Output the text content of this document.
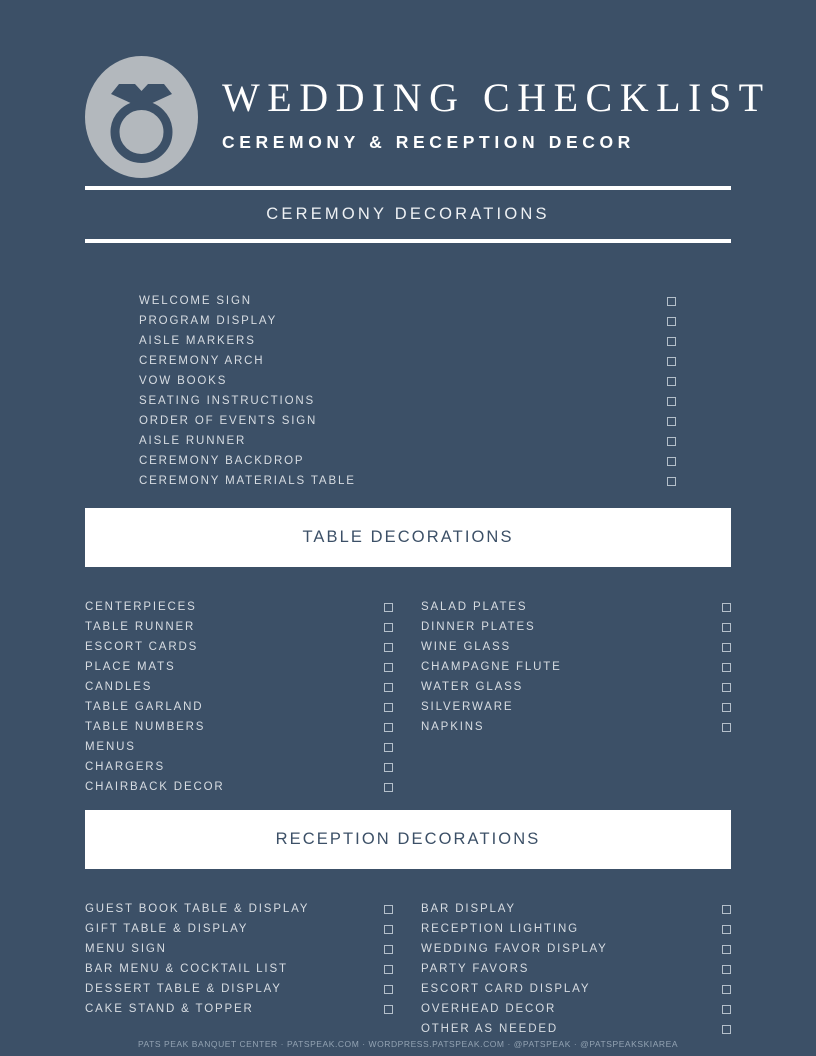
WEDDING CHECKLIST
CEREMONY & RECEPTION DECOR
CEREMONY DECORATIONS
WELCOME SIGN
PROGRAM DISPLAY
AISLE MARKERS
CEREMONY ARCH
VOW BOOKS
SEATING INSTRUCTIONS
ORDER OF EVENTS SIGN
AISLE RUNNER
CEREMONY BACKDROP
CEREMONY MATERIALS TABLE
TABLE DECORATIONS
CENTERPIECES
TABLE RUNNER
ESCORT CARDS
PLACE MATS
CANDLES
TABLE GARLAND
TABLE NUMBERS
MENUS
CHARGERS
CHAIRBACK DECOR
SALAD PLATES
DINNER PLATES
WINE GLASS
CHAMPAGNE FLUTE
WATER GLASS
SILVERWARE
NAPKINS
RECEPTION DECORATIONS
GUEST BOOK TABLE & DISPLAY
GIFT TABLE & DISPLAY
MENU SIGN
BAR MENU & COCKTAIL LIST
DESSERT TABLE & DISPLAY
CAKE STAND & TOPPER
BAR DISPLAY
RECEPTION LIGHTING
WEDDING FAVOR DISPLAY
PARTY FAVORS
ESCORT CARD DISPLAY
OVERHEAD DECOR
OTHER AS NEEDED
PATS PEAK BANQUET CENTER · PATSPEAK.COM · WORDPRESS.PATSPEAK.COM · @PATSPEAK · @PATSPEAKSKIAREA
